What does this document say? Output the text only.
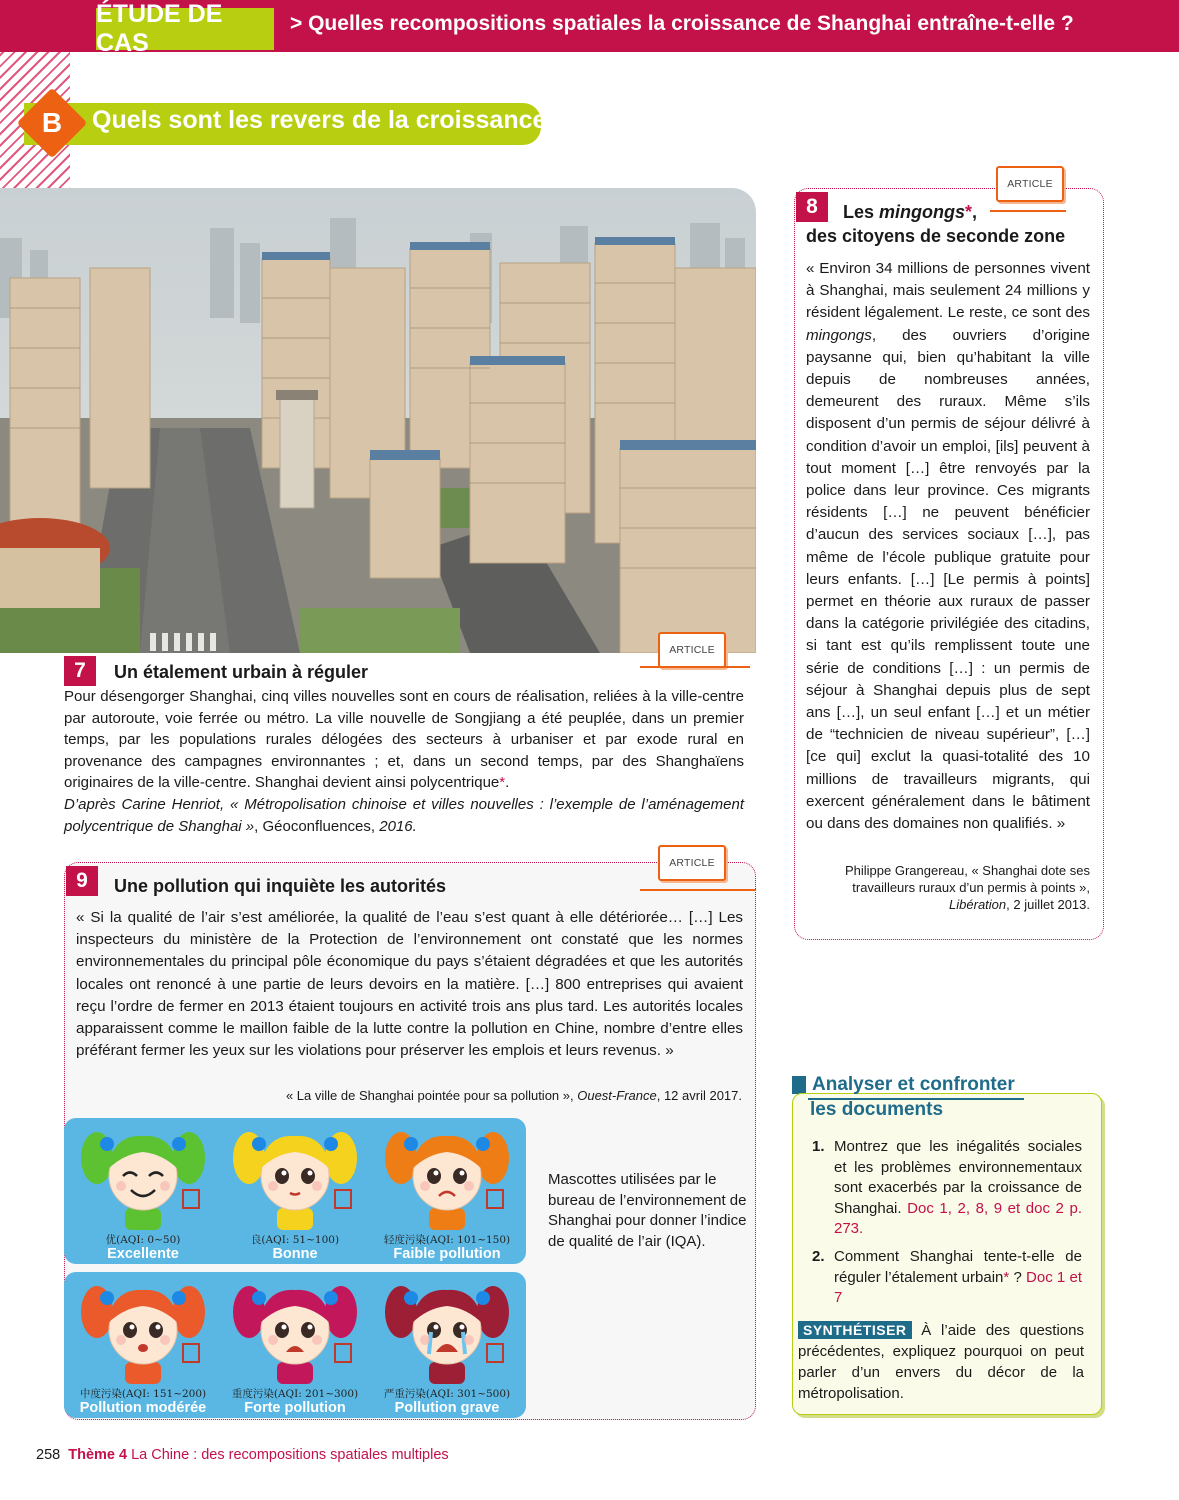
ÉTUDE DE CAS
> Quelles recompositions spatiales la croissance de Shanghai entraîne-t-elle ?
B	Quels sont les revers de la croissance ?
ARTICLE
7	Un étalement urbain à réguler
Pour désengorger Shanghai, cinq villes nouvelles sont en cours de réalisation, reliées à la ville-centre par autoroute, voie ferrée ou métro. La ville nouvelle de Songjiang a été peuplée, dans un premier temps, par les populations rurales délogées des secteurs à urbaniser et par exode rural en provenance des campagnes environnantes ; et, dans un second temps, par des Shanghaïens originaires de la ville-centre. Shanghai devient ainsi polycentrique*.
D’après Carine Henriot, « Métropolisation chinoise et villes nouvelles : l’exemple de l’aménagement polycentrique de Shanghai », Géoconfluences, 2016.
ARTICLE
8	Les mingongs*,
des citoyens de seconde zone
« Environ 34 millions de personnes vivent à Shanghai, mais seulement 24 millions y résident légalement. Le reste, ce sont des mingongs, des ouvriers d’origine paysanne qui, bien qu’habitant la ville depuis de nombreuses années, demeurent des ruraux. Même s’ils disposent d’un permis de séjour délivré à condition d’avoir un emploi, [ils] peuvent à tout moment […] être renvoyés par la police dans leur province. Ces migrants résidents […] ne peuvent bénéficier d’aucun des services sociaux […], pas même de l’école publique gratuite pour leurs enfants. […] [Le permis à points] permet en théorie aux ruraux de passer dans la catégorie privilégiée des citadins, si tant est qu’ils remplissent toute une série de conditions […] : un permis de séjour à Shanghai depuis plus de sept ans […], un seul enfant […] et un métier de “technicien de niveau supérieur”, […] [ce qui] exclut la quasi-totalité des 10 millions de travailleurs migrants, qui exercent généralement dans le bâtiment ou dans des domaines non qualifiés. »
Philippe Grangereau, « Shanghai dote ses travailleurs ruraux d’un permis à points », Libération, 2 juillet 2013.
ARTICLE
9	Une pollution qui inquiète les autorités
« Si la qualité de l’air s’est améliorée, la qualité de l’eau s’est quant à elle détériorée… […] Les inspecteurs du ministère de la Protection de l’environnement ont constaté que les normes environnementales du principal pôle économique du pays s’étaient dégradées et que les autorités locales ont renoncé à une partie de leurs devoirs en la matière. […] 800 entreprises qui avaient reçu l’ordre de fermer en 2013 étaient toujours en activité trois ans plus tard. Les autorités locales apparaissent comme le maillon faible de la lutte contre la pollution en Chine, nombre d’entre elles préférant fermer les yeux sur les violations pour préserver les emplois et leurs revenus. »
« La ville de Shanghai pointée pour sa pollution », Ouest-France, 12 avril 2017.
优(AQI: 0~50)
Excellente
良(AQI: 51~100)
Bonne
轻度污染(AQI: 101~150)
Faible pollution
中度污染(AQI: 151~200)
Pollution modérée
重度污染(AQI: 201~300)
Forte pollution
严重污染(AQI: 301~500)
Pollution grave
Mascottes utilisées par le bureau de l’environnement de Shanghai pour donner l’indice de qualité de l’air (IQA).
Analyser et confronter
les documents
1. Montrez que les inégalités sociales et les problèmes environnementaux sont exacerbés par la croissance de Shanghai. Doc 1, 2, 8, 9 et doc 2 p. 273.
2. Comment Shanghai tente-t-elle de réguler l’étalement urbain* ? Doc 1 et 7
SYNTHÉTISER À l’aide des questions précédentes, expliquez pourquoi on peut parler d’un envers du décor de la métropolisation.
258 Thème 4 La Chine : des recompositions spatiales multiples
